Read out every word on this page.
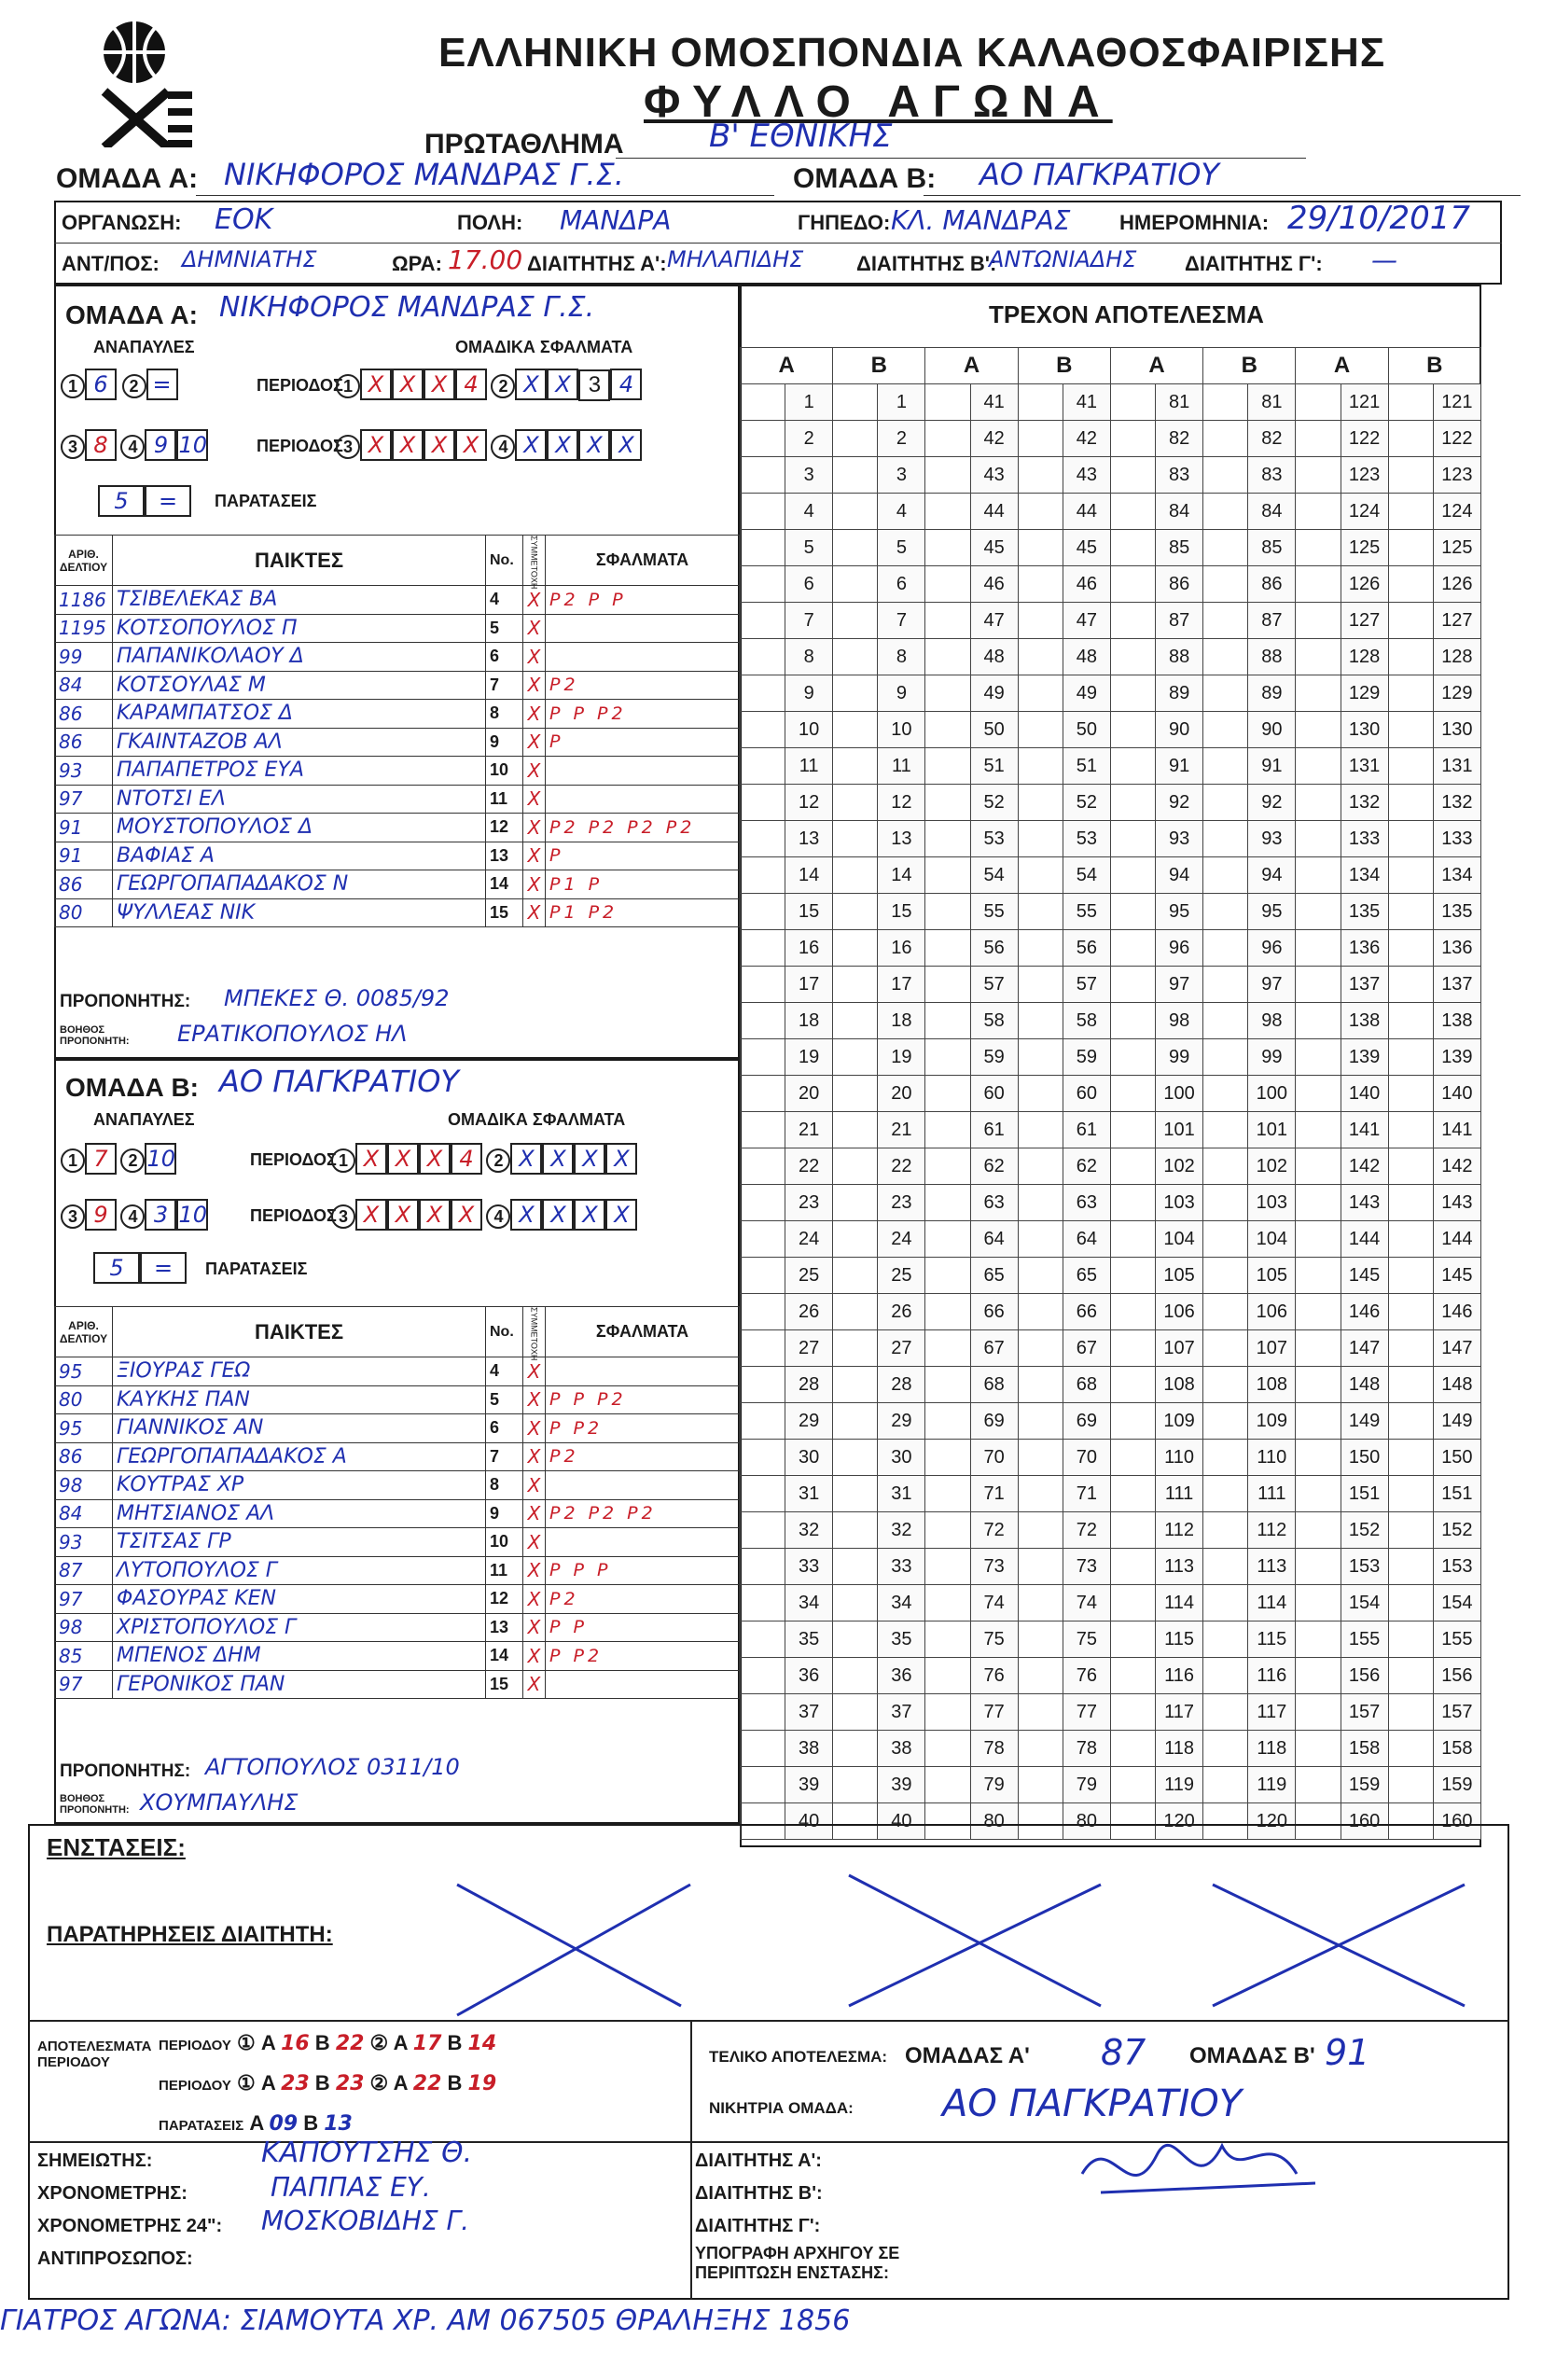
ΕΛΛΗΝΙΚΗ ΟΜΟΣΠΟΝΔΙΑ ΚΑΛΑΘΟΣΦΑΙΡΙΣΗΣ
ΦΥΛΛΟ ΑΓΩΝΑ
ΠΡΩΤΑΘΛΗΜΑ	Β' ΕΘΝΙΚΗΣ
ΟΜΑΔΑ Α: ΝΙΚΗΦΟΡΟΣ ΜΑΝΔΡΑΣ Γ.Σ.	ΟΜΑΔΑ Β: ΑΟ ΠΑΓΚΡΑΤΙΟΥ
ΟΡΓΑΝΩΣΗ: ΕΟΚ	ΠΟΛΗ: ΜΑΝΔΡΑ	ΓΗΠΕΔΟ: ΚΛ. ΜΑΝΔΡΑΣ ΗΜΕΡΟΜΗΝΙΑ: 29/10/2017
ΑΝΤ/ΠΟΣ: ΔΗΜΝΙΑΤΗΣ	ΩΡΑ: 17.00 ΔΙΑΙΤΗΤΗΣ Α': ΜΗΛΑΠΙΔΗΣ	ΔΙΑΙΤΗΤΗΣ Β':
ΑΝΤΩΝΙΑΔΗΣ ΔΙΑΙΤΗΤΗΣ Γ': —
ΟΜΑΔΑ Α: ΝΙΚΗΦΟΡΟΣ ΜΑΝΔΡΑΣ Γ.Σ.
ΑΝΑΠΑΥΛΕΣ	ΟΜΑΔΙΚΑ ΣΦΑΛΜΑΤΑ
1 6 2 =	ΠΕΡΙΟΔΟΣ 1 X X X 4 2 X X 3 4
3 8 4 9 10	ΠΕΡΙΟΔΟΣ 3 X X X X 4 X X X X
5 =	ΠΑΡΑΤΑΣΕΙΣ
ΑΡΙΘ. ΔΕΛΤΙΟΥ	ΠΑΙΚΤΕΣ	No.	ΣΥΜΜΕΤΟΧΗ	ΣΦΑΛΜΑΤΑ
1186	ΤΣΙΒΕΛΕΚΑΣ ΒΑ	4	X	P2 P P
1195	ΚΟΤΣΟΠΟΥΛΟΣ Π	5	X	
99	ΠΑΠΑΝΙΚΟΛΑΟΥ Δ	6	X	
84	ΚΟΤΣΟΥΛΑΣ Μ	7	X	P2
86	ΚΑΡΑΜΠΑΤΣΟΣ Δ	8	X	P P P2
86	ΓΚΑΙΝΤΑΖΟΒ ΑΛ	9	X	P
93	ΠΑΠΑΠΕΤΡΟΣ ΕΥΑ	10	X	
97	ΝΤΟΤΣΙ ΕΛ	11	X	
91	ΜΟΥΣΤΟΠΟΥΛΟΣ Δ	12	X	P2 P2 P2 P2
91	ΒΑΦΙΑΣ Α	13	X	P
86	ΓΕΩΡΓΟΠΑΠΑΔΑΚΟΣ Ν	14	X	P1 P
80	ΨΥΛΛΕΑΣ ΝΙΚ	15	X	P1 P2
ΠΡΟΠΟΝΗΤΗΣ: ΜΠΕΚΕΣ Θ. 0085/92
ΒΟΗΘΟΣ ΠΡΟΠΟΝΗΤΗ:	ΕΡΑΤΙΚΟΠΟΥΛΟΣ ΗΛ
ΟΜΑΔΑ Β: ΑΟ ΠΑΓΚΡΑΤΙΟΥ
ΑΝΑΠΑΥΛΕΣ	ΟΜΑΔΙΚΑ ΣΦΑΛΜΑΤΑ
1 7 2 10	ΠΕΡΙΟΔΟΣ 1 X X X 4 2 X X X X
3 9 4 3 10	ΠΕΡΙΟΔΟΣ 3 X X X X 4 X X X X
5 =	ΠΑΡΑΤΑΣΕΙΣ
ΑΡΙΘ. ΔΕΛΤΙΟΥ	ΠΑΙΚΤΕΣ	No.	ΣΥΜΜΕΤΟΧΗ	ΣΦΑΛΜΑΤΑ
95	ΞΙΟΥΡΑΣ ΓΕΩ	4	X	
80	ΚΑΥΚΗΣ ΠΑΝ	5	X	P P P2
95	ΓΙΑΝΝΙΚΟΣ ΑΝ	6	X	P P2
86	ΓΕΩΡΓΟΠΑΠΑΔΑΚΟΣ Α	7	X	P2
98	ΚΟΥΤΡΑΣ ΧΡ	8	X	
84	ΜΗΤΣΙΑΝΟΣ ΑΛ	9	X	P2 P2 P2
93	ΤΣΙΤΣΑΣ ΓΡ	10	X	
87	ΛΥΤΟΠΟΥΛΟΣ Γ	11	X	P P P
97	ΦΑΣΟΥΡΑΣ ΚΕΝ	12	X	P2
98	ΧΡΙΣΤΟΠΟΥΛΟΣ Γ	13	X	P P
85	ΜΠΕΝΟΣ ΔΗΜ	14	X	P P2
97	ΓΕΡΟΝΙΚΟΣ ΠΑΝ	15	X	
ΠΡΟΠΟΝΗΤΗΣ: ΑΓΤΟΠΟΥΛΟΣ 0311/10
ΒΟΗΘΟΣ ΠΡΟΠΟΝΗΤΗ: ΧΟΥΜΠΑΥΛΗΣ
ΤΡΕΧΟΝ ΑΠΟΤΕΛΕΣΜΑ
A		B		A		B		A		B		A		B	
	1		1		41		41		81		81		121		121
	2		2		42		42		82		82		122		122
	3		3		43		43		83		83		123		123
	4		4		44		44		84		84		124		124
	5		5		45		45		85		85		125		125
	6		6		46		46		86		86		126		126
	7		7		47		47		87		87		127		127
	8		8		48		48		88		88		128		128
	9		9		49		49		89		89		129		129
	10		10		50		50		90		90		130		130
	11		11		51		51		91		91		131		131
	12		12		52		52		92		92		132		132
	13		13		53		53		93		93		133		133
	14		14		54		54		94		94		134		134
	15		15		55		55		95		95		135		135
	16		16		56		56		96		96		136		136
	17		17		57		57		97		97		137		137
	18		18		58		58		98		98		138		138
	19		19		59		59		99		99		139		139
	20		20		60		60		100		100		140		140
	21		21		61		61		101		101		141		141
	22		22		62		62		102		102		142		142
	23		23		63		63		103		103		143		143
	24		24		64		64		104		104		144		144
	25		25		65		65		105		105		145		145
	26		26		66		66		106		106		146		146
	27		27		67		67		107		107		147		147
	28		28		68		68		108		108		148		148
	29		29		69		69		109		109		149		149
	30		30		70		70		110		110		150		150
	31		31		71		71		111		111		151		151
	32		32		72		72		112		112		152		152
	33		33		73		73		113		113		153		153
	34		34		74		74		114		114		154		154
	35		35		75		75		115		115		155		155
	36		36		76		76		116		116		156		156
	37		37		77		77		117		117		157		157
	38		38		78		78		118		118		158		158
	39		39		79		79		119		119		159		159
	40		40		80		80		120		120		160		160
ΕΝΣΤΑΣΕΙΣ:
ΠΑΡΑΤΗΡΗΣΕΙΣ ΔΙΑΙΤΗΤΗ:
ΑΠΟΤΕΛΕΣΜΑΤΑ ΠΕΡΙΟΔΟΥ
ΠΕΡΙΟΔΟΥ ① A 16 B 22 ② A 17 B 14
ΠΕΡΙΟΔΟΥ ① A 23 B 23 ② A 22 B 19
ΠΑΡΑΤΑΣΕΙΣ A 09 B 13
ΤΕΛΙΚΟ ΑΠΟΤΕΛΕΣΜΑ: ΟΜΑΔΑΣ Α' 87 ΟΜΑΔΑΣ Β' 91
ΝΙΚΗΤΡΙΑ ΟΜΑΔΑ: ΑΟ ΠΑΓΚΡΑΤΙΟΥ
ΣΗΜΕΙΩΤΗΣ:	ΚΑΠΟΥΤΣΗΣ Θ.
ΧΡΟΝΟΜΕΤΡΗΣ:	ΠΑΠΠΑΣ ΕΥ.
ΧΡΟΝΟΜΕΤΡΗΣ 24": ΜΟΣΚΟΒΙΔΗΣ Γ.
ΑΝΤΙΠΡΟΣΩΠΟΣ:
ΔΙΑΙΤΗΤΗΣ Α':
ΔΙΑΙΤΗΤΗΣ Β':
ΔΙΑΙΤΗΤΗΣ Γ':
ΥΠΟΓΡΑΦΗ ΑΡΧΗΓΟΥ ΣΕ ΠΕΡΙΠΤΩΣΗ ΕΝΣΤΑΣΗΣ:
ΓΙΑΤΡΟΣ ΑΓΩΝΑ: ΣΙΑΜΟΥΤΑ ΧΡ. ΑΜ 067505 ΘΡΑΛΗΞΗΣ 1856
